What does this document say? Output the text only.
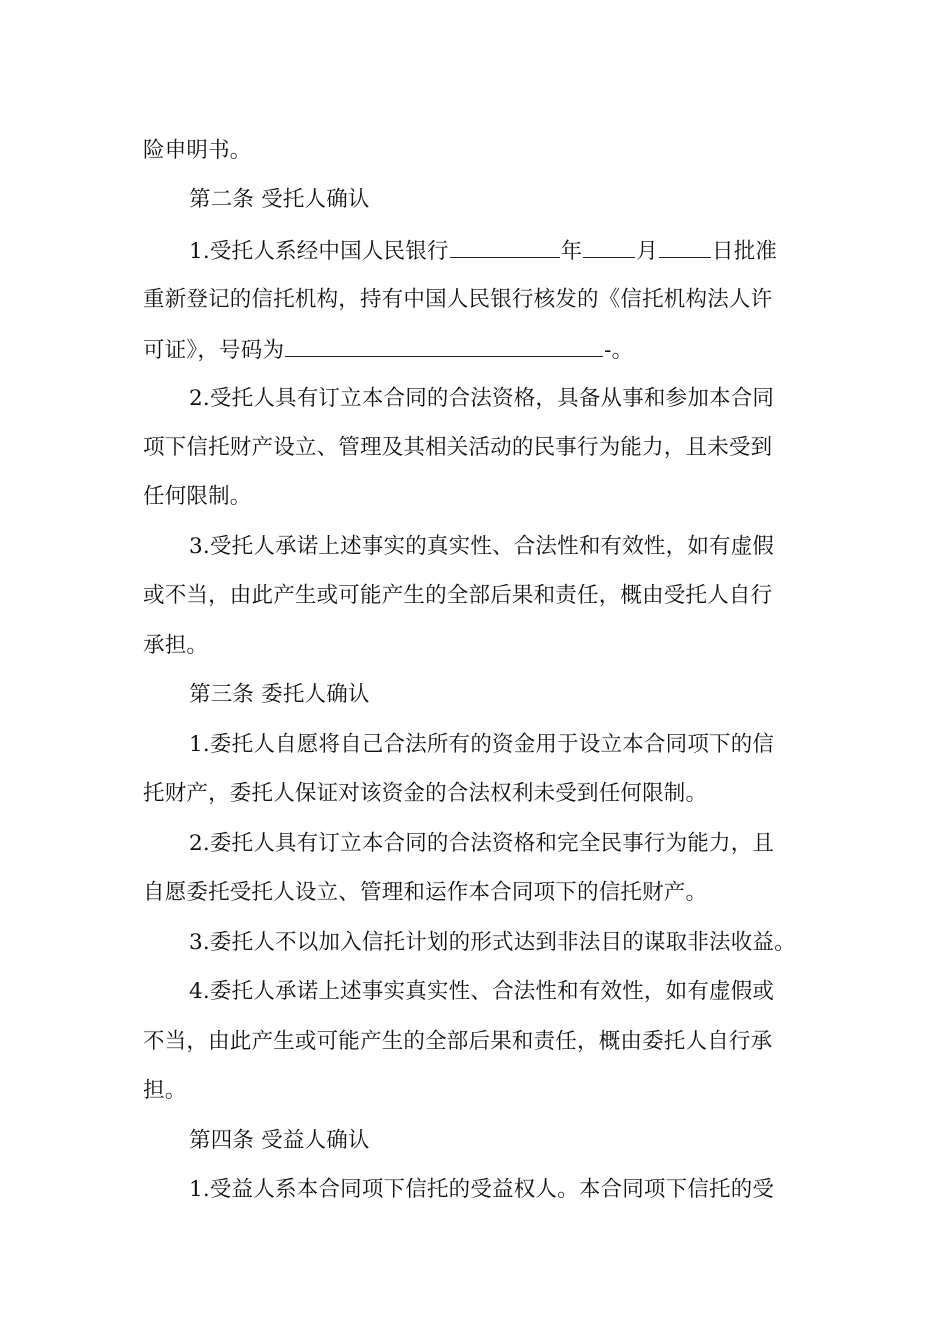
险申明书。
第二条 受托人确认
1.受托人系经中国人民银行	年	月	日批准
重新登记的信托机构，持有中国人民银行核发的《信托机构法人许
可证》，号码为	-。
2.受托人具有订立本合同的合法资格，具备从事和参加本合同
项下信托财产设立、管理及其相关活动的民事行为能力，且未受到
任何限制。
3.受托人承诺上述事实的真实性、合法性和有效性，如有虚假
或不当，由此产生或可能产生的全部后果和责任，概由受托人自行
承担。
第三条 委托人确认
1.委托人自愿将自己合法所有的资金用于设立本合同项下的信
托财产，委托人保证对该资金的合法权利未受到任何限制。
2.委托人具有订立本合同的合法资格和完全民事行为能力，且
自愿委托受托人设立、管理和运作本合同项下的信托财产。
3.委托人不以加入信托计划的形式达到非法目的谋取非法收益。
4.委托人承诺上述事实真实性、合法性和有效性，如有虚假或
不当，由此产生或可能产生的全部后果和责任，概由委托人自行承
担。
第四条 受益人确认
1.受益人系本合同项下信托的受益权人。本合同项下信托的受
